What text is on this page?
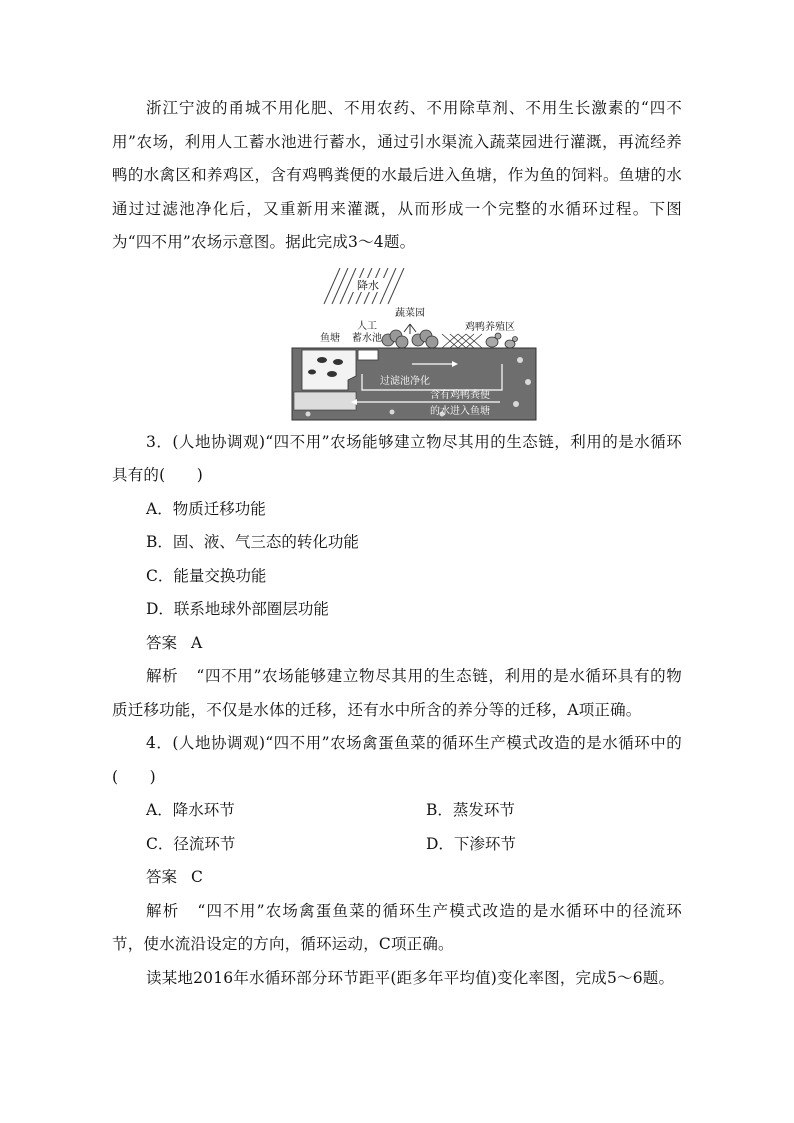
浙江宁波的甬城不用化肥、不用农药、不用除草剂、不用生长激素的“四不用”农场，利用人工蓄水池进行蓄水，通过引水渠流入蔬菜园进行灌溉，再流经养鸭的水禽区和养鸡区，含有鸡鸭粪便的水最后进入鱼塘，作为鱼的饲料。鱼塘的水通过过滤池净化后，又重新用来灌溉，从而形成一个完整的水循环过程。下图为“四不用”农场示意图。据此完成3～4题。

降水
蔬菜园
人工
蓄水池
鱼塘
鸡鸭养殖区
过滤池净化
含有鸡鸭粪便
的水进入鱼塘

3．(人地协调观)“四不用”农场能够建立物尽其用的生态链，利用的是水循环具有的(　　)

A．物质迁移功能

B．固、液、气三态的转化功能

C．能量交换功能

D．联系地球外部圈层功能

答案 A

解析 “四不用”农场能够建立物尽其用的生态链，利用的是水循环具有的物质迁移功能，不仅是水体的迁移，还有水中所含的养分等的迁移，A项正确。

4．(人地协调观)“四不用”农场禽蛋鱼菜的循环生产模式改造的是水循环中的(　　)

A．降水环节	B．蒸发环节
C．径流环节	D．下渗环节

答案 C

解析 “四不用”农场禽蛋鱼菜的循环生产模式改造的是水循环中的径流环节，使水流沿设定的方向，循环运动，C项正确。

读某地2016年水循环部分环节距平(距多年平均值)变化率图，完成5～6题。
